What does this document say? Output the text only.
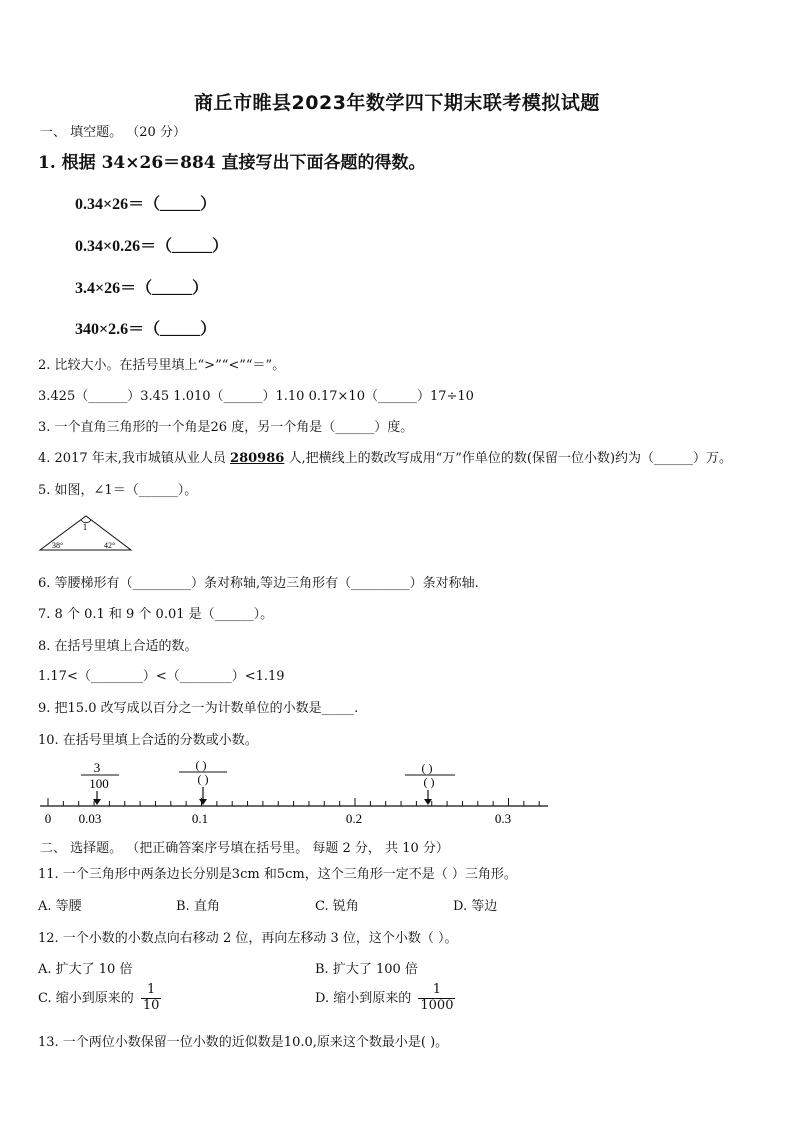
商丘市睢县2023年数学四下期末联考模拟试题
一、 填空题。 （20 分）
1. 根据 34×26＝884 直接写出下面各题的得数。
0.34×26＝（_____）
0.34×0.26＝（_____）
3.4×26＝（_____）
340×2.6＝（_____）
2. 比较大小。在括号里填上“>”“<”“＝”。
3.425（______）3.45 1.010（______）1.10 0.17×10（______）17÷10
3. 一个直角三角形的一个角是26 度，另一个角是（______）度。
4. 2017 年末,我市城镇从业人员 280986 人,把横线上的数改写成用“万”作单位的数(保留一位小数)约为（______）万。
5. 如图，∠1＝（______）。
1
38°	42°
6. 等腰梯形有（_________）条对称轴,等边三角形有（_________）条对称轴.
7. 8 个 0.1 和 9 个 0.01 是（______）。
8. 在括号里填上合适的数。
1.17<（________）<（________）<1.19
9. 把15.0 改写成以百分之一为计数单位的小数是_____.
10. 在括号里填上合适的分数或小数。
3
100
( )
( )
( )
( )
0 0.03	0.1	0.2	0.3
二、 选择题。 （把正确答案序号填在括号里。 每题 2 分， 共 10 分）
11. 一个三角形中两条边长分别是3cm 和5cm，这个三角形一定不是（ ）三角形。
A. 等腰	B. 直角	C. 锐角	D. 等边
12. 一个小数的小数点向右移动 2 位，再向左移动 3 位，这个小数（ ）。
A. 扩大了 10 倍	B. 扩大了 100 倍
C. 缩小到原来的 $\frac{1}{10}$	D. 缩小到原来的 $\frac{1}{1000}$
13. 一个两位小数保留一位小数的近似数是10.0,原来这个数最小是( )。
